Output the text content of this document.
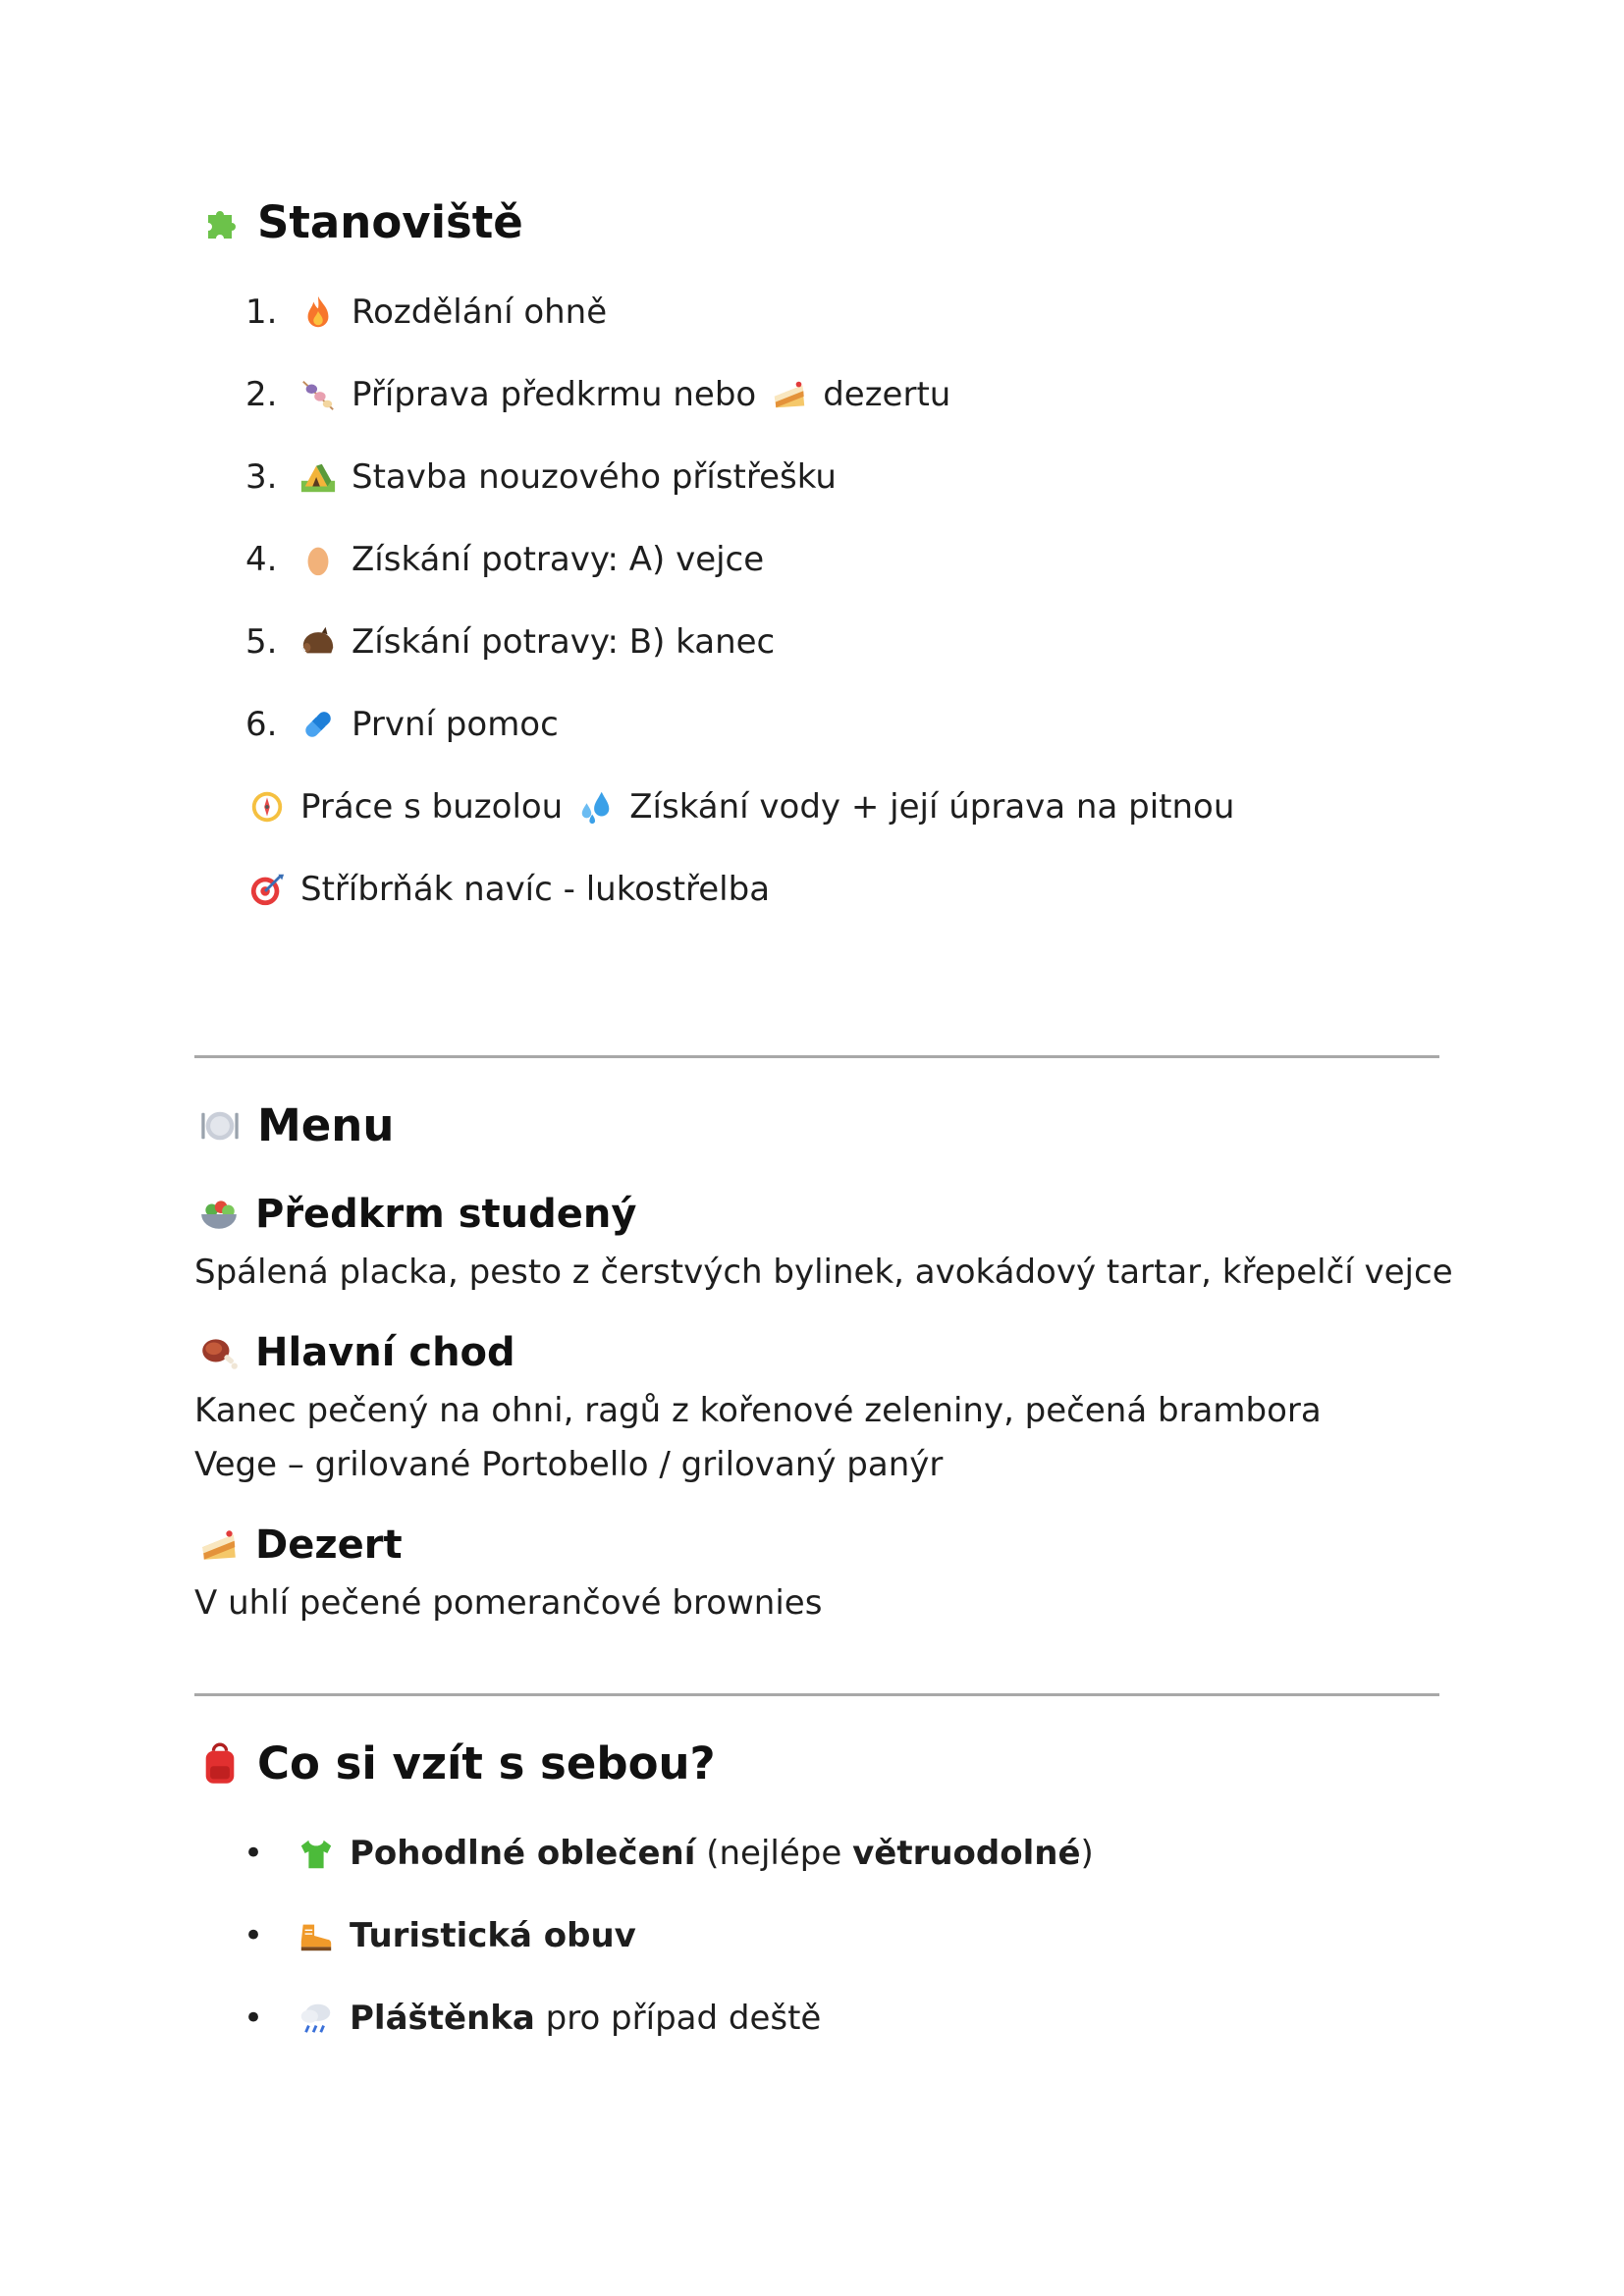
Stanoviště
1.	Rozdělání ohně
2.	Příprava předkrmu nebo dezertu
3.	Stavba nouzového přístřešku
4.	Získání potravy: A) vejce
5.	Získání potravy: B) kanec
6.	První pomoc
Práce s buzolou Získání vody + její úprava na pitnou
Stříbrňák navíc - lukostřelba
Menu
Předkrm studený
Spálená placka, pesto z čerstvých bylinek, avokádový tartar, křepelčí vejce
Hlavní chod
Kanec pečený na ohni, ragů z kořenové zeleniny, pečená brambora
Vege – grilované Portobello / grilovaný panýr
Dezert
V uhlí pečené pomerančové brownies
Co si vzít s sebou?
•	Pohodlné oblečení (nejlépe větruodolné )
•	Turistická obuv
•	Pláštěnka pro případ deště
